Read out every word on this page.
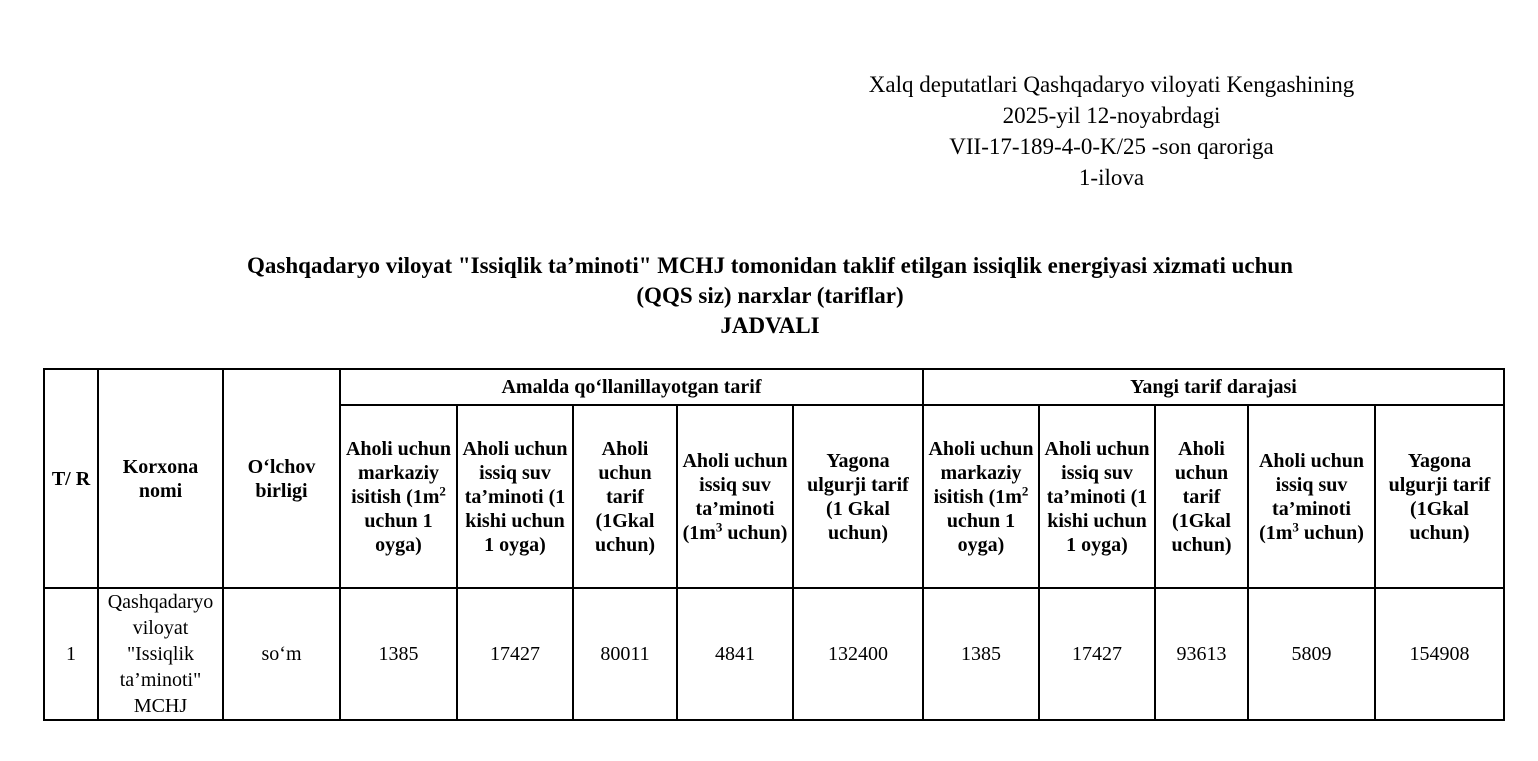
Xalq deputatlari Qashqadaryo viloyati Kengashining
2025-yil 12-noyabrdagi
VII-17-189-4-0-K/25 -son qaroriga
1-ilova
Qashqadaryo viloyat "Issiqlik ta’minoti" MCHJ tomonidan taklif etilgan issiqlik energiyasi xizmati uchun
(QQS siz) narxlar (tariflar)
JADVALI
T/ R	Korxona nomi	O‘lchov birligi	Amalda qo‘llanillayotgan tarif					Yangi tarif darajasi				
			Aholi uchun markaziy isitish ($1m^2$ uchun 1 oyga)	Aholi uchun issiq suv ta’minoti (1 kishi uchun 1 oyga)	Aholi uchun tarif (1Gkal uchun)	Aholi uchun issiq suv ta’minoti ($1m^3$ uchun)	Yagona ulgurji tarif (1 Gkal uchun)	Aholi uchun markaziy isitish ($1m^2$ uchun 1 oyga)	Aholi uchun issiq suv ta’minoti (1 kishi uchun 1 oyga)	Aholi uchun tarif (1Gkal uchun)	Aholi uchun issiq suv ta’minoti ($1m^3$ uchun)	Yagona ulgurji tarif (1Gkal uchun)
1	Qashqadaryo viloyat "Issiqlik ta’minoti" MCHJ	so‘m	1385	17427	80011	4841	132400	1385	17427	93613	5809	154908
